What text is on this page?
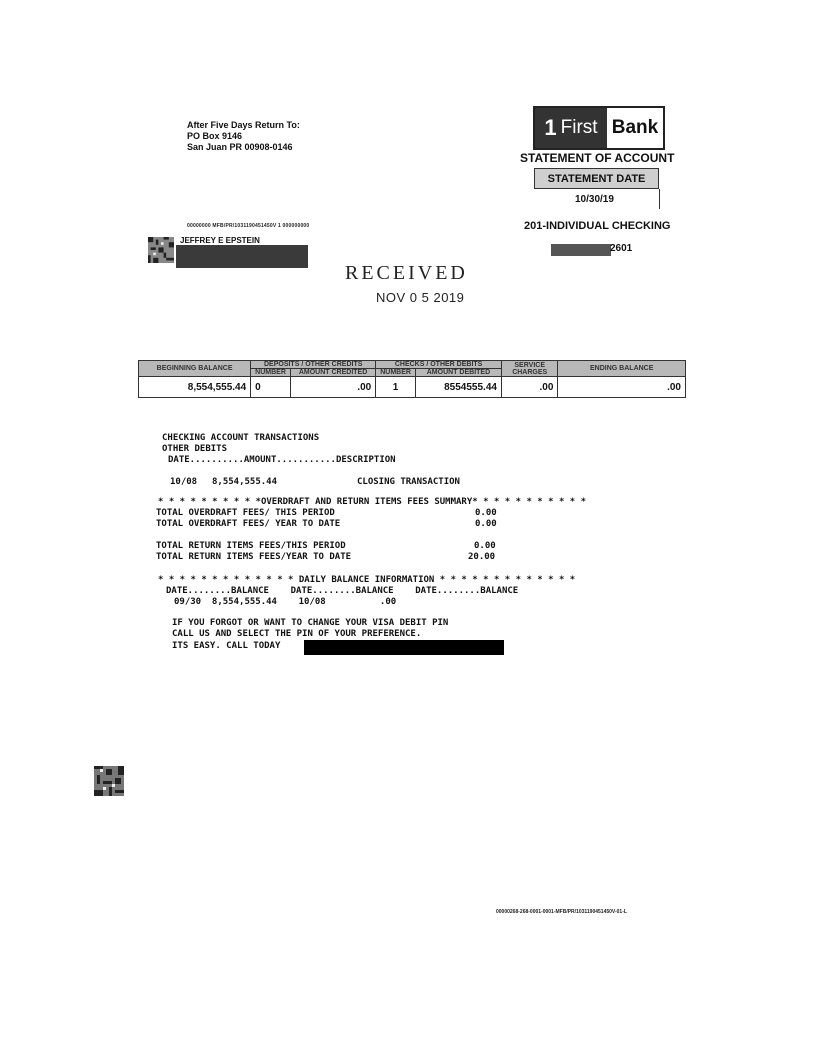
After Five Days Return To:
PO Box 9146
San Juan PR 00908-0146
1 First Bank
STATEMENT OF ACCOUNT
STATEMENT DATE
10/30/19
201-INDIVIDUAL CHECKING
2601
00000000 MFB/PR/1031190451450V 1 000000000
JEFFREY E EPSTEIN
RECEIVED
NOV 0 5 2019
BEGINNING BALANCE	DEPOSITS / OTHER CREDITS		CHECKS / OTHER DEBITS		SERVICE CHARGES	ENDING BALANCE
	NUMBER	AMOUNT CREDITED	NUMBER	AMOUNT DEBITED		
8,554,555.44	0	.00	1	8554555.44	.00	.00
CHECKING ACCOUNT TRANSACTIONS
OTHER DEBITS
DATE..........AMOUNT...........DESCRIPTION
10/08 8,554,555.44	CLOSING TRANSACTION
* * * * * * * * * *OVERDRAFT AND RETURN ITEMS FEES SUMMARY* * * * * * * * * * *
TOTAL OVERDRAFT FEES/ THIS PERIOD	0.00
TOTAL OVERDRAFT FEES/ YEAR TO DATE	0.00
TOTAL RETURN ITEMS FEES/THIS PERIOD	0.00
TOTAL RETURN ITEMS FEES/YEAR TO DATE	20.00
* * * * * * * * * * * * * DAILY BALANCE INFORMATION * * * * * * * * * * * * *
DATE........BALANCE    DATE........BALANCE    DATE........BALANCE
09/30  8,554,555.44    10/08          .00
IF YOU FORGOT OR WANT TO CHANGE YOUR VISA DEBIT PIN
CALL US AND SELECT THE PIN OF YOUR PREFERENCE.
ITS EASY. CALL TODAY
00000268-268-0001-0001-MFB/PR/1031190451450V-01-L
